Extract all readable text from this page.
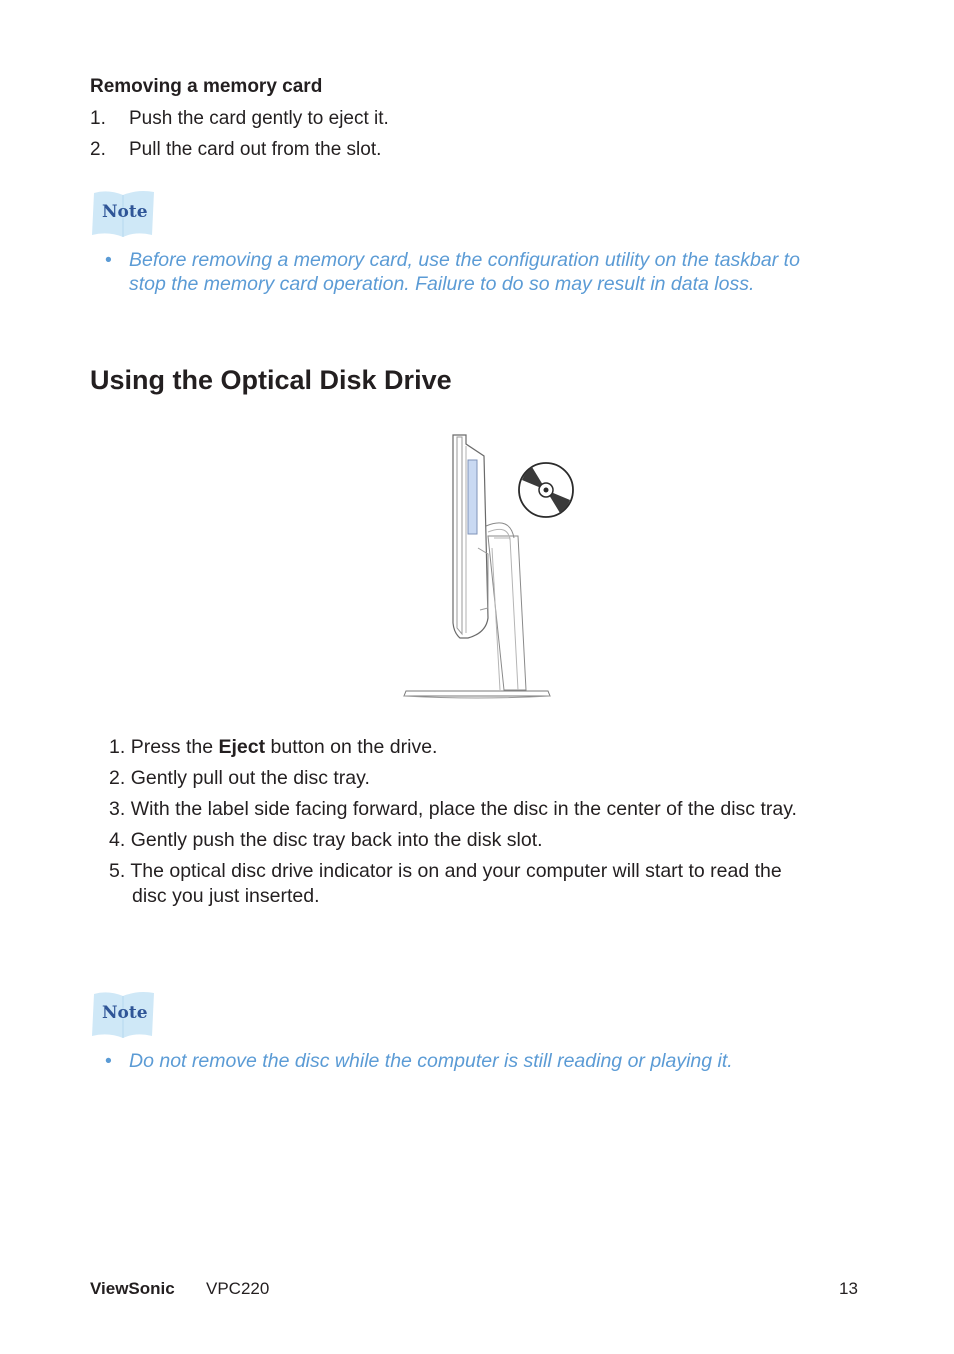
Removing a memory card
1. Push the card gently to eject it.
2. Pull the card out from the slot.
Note
• Before removing a memory card, use the configuration utility on the taskbar to
stop the memory card operation. Failure to do so may result in data loss.
Using the Optical Disk Drive
1. Press the Eject button on the drive.
2. Gently pull out the disc tray.
3. With the label side facing forward, place the disc in the center of the disc tray.
4. Gently push the disc tray back into the disk slot.
5. The optical disc drive indicator is on and your computer will start to read the
disc you just inserted.
Note
• Do not remove the disc while the computer is still reading or playing it.
ViewSonic VPC220	13
